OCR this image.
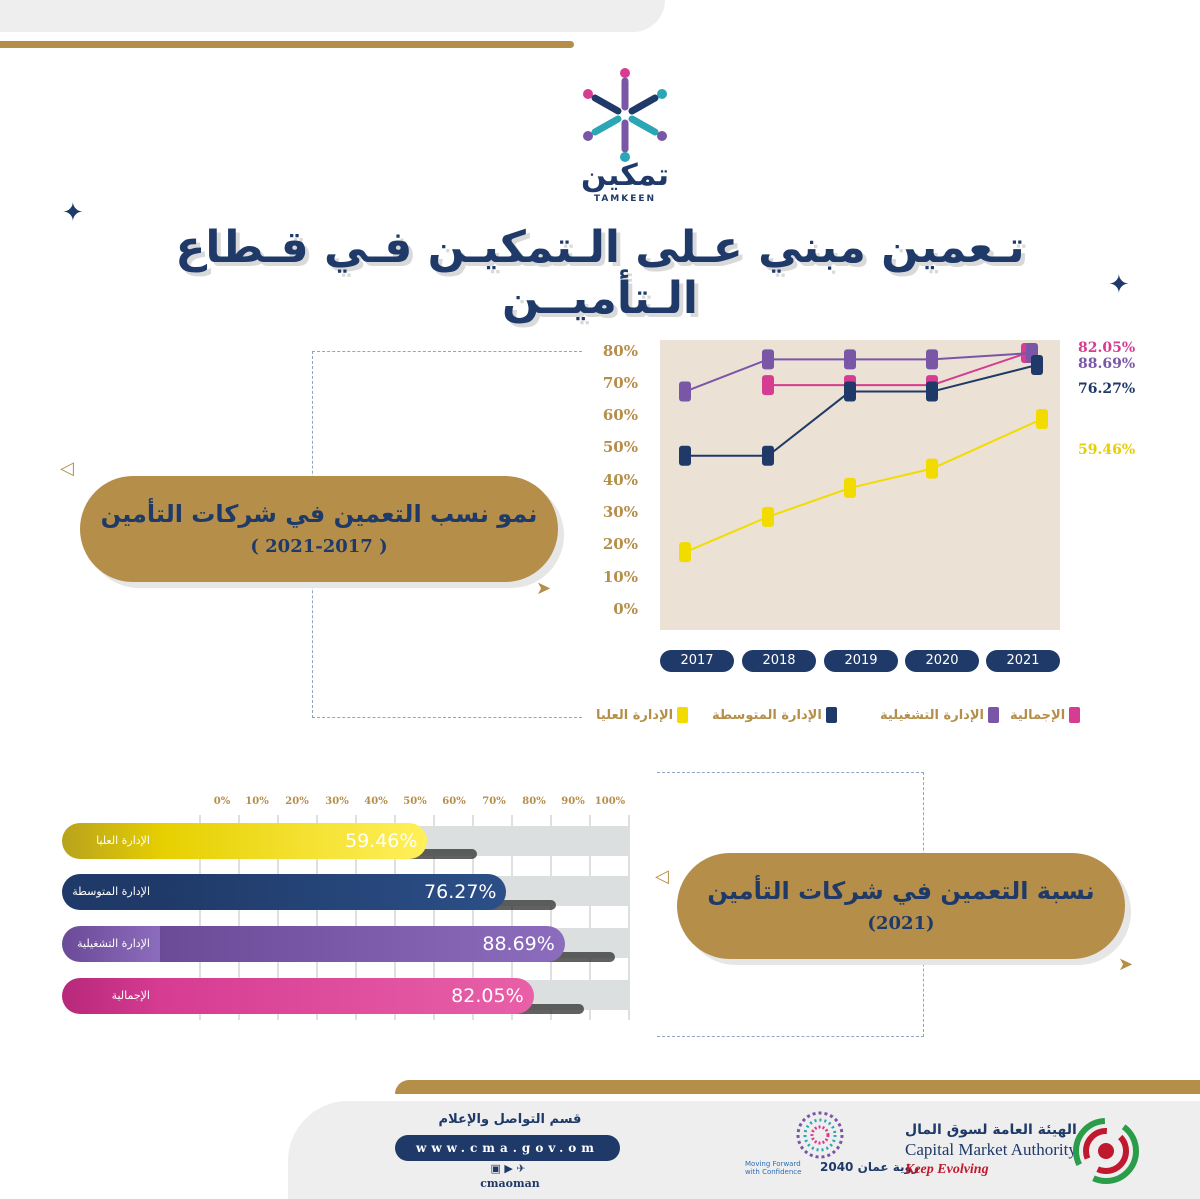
تمكين
TAMKEEN
✦
✦
تـعمين مبني عـلى الـتمكيـن فـي قـطاع الـتأميــن
◁
➤
نمو نسب التعمين في شركات التأمين
( 2021-2017 )
80%
70%
60%
50%
40%
30%
20%
10%
0%
82.05%
88.69%
76.27%
59.46%
2017	2018	2019	2020	2021
الإجمالية
الإدارة التشغيلية
الإدارة المتوسطة
الإدارة العليا
◁
➤
نسبة التعمين في شركات التأمين
(2021)
0%	10%	20%	30%	40%	50%	60%	70%	80%	90%	100%
الإدارة العليا
الإدارة المتوسطة
الإدارة التشغيلية
الإجمالية
59.46%
76.27%
88.69%
82.05%
قسم التواصل والإعلام
www.cma.gov.om
▣ ▶ ✈
cmaoman
رؤية عمان 2040
Moving Forward with Confidence
الهيئة العامة لسوق المال
Capital Market Authority
Keep Evolving
